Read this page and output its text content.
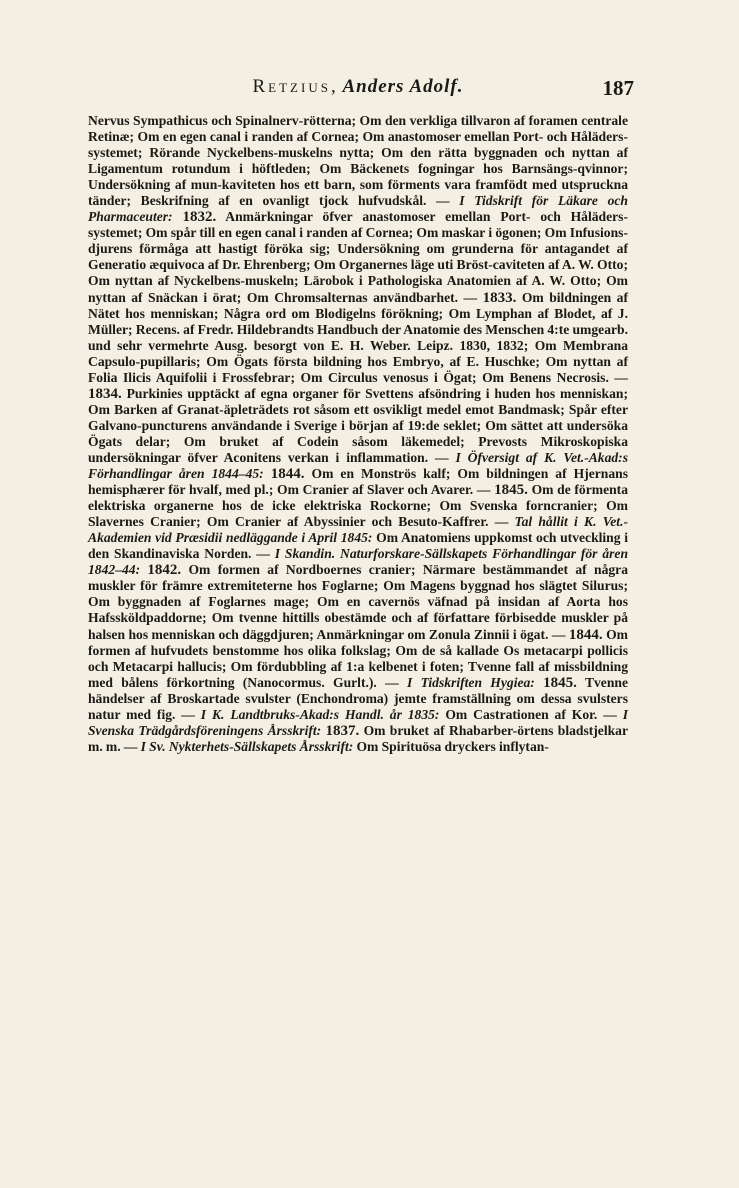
Retzius, Anders Adolf.	187

Nervus Sympathicus och Spinalnerv-rötterna; Om den verkliga tillvaron af foramen centrale Retinæ; Om en egen canal i randen af Cornea; Om anastomoser emellan Port- och Håläders-systemet; Rörande Nyckelbens-muskelns nytta; Om den rätta byggnaden och nyttan af Ligamentum rotundum i höftleden; Om Bäckenets fogningar hos Barnsängs-qvinnor; Undersökning af mun-kaviteten hos ett barn, som förments vara framfödt med utspruckna tänder; Beskrifning af en ovanligt tjock hufvudskål. — I Tidskrift för Läkare och Pharmaceuter: 1832. Anmärkningar öfver anastomoser emellan Port- och Håläders-systemet; Om spår till en egen canal i randen af Cornea; Om maskar i ögonen; Om Infusions-djurens förmåga att hastigt föröka sig; Undersökning om grunderna för antagandet af Generatio æquivoca af Dr. Ehrenberg; Om Organernes läge uti Bröst-caviteten af A. W. Otto; Om nyttan af Nyckelbens-muskeln; Lärobok i Pathologiska Anatomien af A. W. Otto; Om nyttan af Snäckan i örat; Om Chromsalternas användbarhet. — 1833. Om bildningen af Nätet hos menniskan; Några ord om Blodigelns förökning; Om Lymphan af Blodet, af J. Müller; Recens. af Fredr. Hildebrandts Handbuch der Anatomie des Menschen 4:te umgearb. und sehr vermehrte Ausg. besorgt von E. H. Weber. Leipz. 1830, 1832; Om Membrana Capsulo-pupillaris; Om Ögats första bildning hos Embryo, af E. Huschke; Om nyttan af Folia Ilicis Aquifolii i Frossfebrar; Om Circulus venosus i Ögat; Om Benens Necrosis. — 1834. Purkinies upptäckt af egna organer för Svettens afsöndring i huden hos menniskan; Om Barken af Granat-äpleträdets rot såsom ett osvikligt medel emot Bandmask; Spår efter Galvano-puncturens användande i Sverige i början af 19:de seklet; Om sättet att undersöka Ögats delar; Om bruket af Codein såsom läkemedel; Prevosts Mikroskopiska undersökningar öfver Aconitens verkan i inflammation. — I Öfversigt af K. Vet.-Akad:s Förhandlingar åren 1844–45: 1844. Om en Monströs kalf; Om bildningen af Hjernans hemisphærer för hvalf, med pl.; Om Cranier af Slaver och Avarer. — 1845. Om de förmenta elektriska organerne hos de icke elektriska Rockorne; Om Svenska forncranier; Om Slavernes Cranier; Om Cranier af Abyssinier och Besuto-Kaffrer. — Tal hållit i K. Vet.-Akademien vid Præsidii nedläggande i April 1845: Om Anatomiens uppkomst och utveckling i den Skandinaviska Norden. — I Skandin. Naturforskare-Sällskapets Förhandlingar för åren 1842–44: 1842. Om formen af Nordboernes cranier; Närmare bestämmandet af några muskler för främre extremiteterne hos Foglarne; Om Magens byggnad hos slägtet Silurus; Om byggnaden af Foglarnes mage; Om en cavernös väfnad på insidan af Aorta hos Hafssköldpaddorne; Om tvenne hittills obestämde och af författare förbisedde muskler på halsen hos menniskan och däggdjuren; Anmärkningar om Zonula Zinnii i ögat. — 1844. Om formen af hufvudets benstomme hos olika folkslag; Om de så kallade Os metacarpi pollicis och Metacarpi hallucis; Om fördubbling af 1:a kelbenet i foten; Tvenne fall af missbildning med bålens förkortning (Nanocormus. Gurlt.). — I Tidskriften Hygiea: 1845. Tvenne händelser af Broskartade svulster (Enchondroma) jemte framställning om dessa svulsters natur med fig. — I K. Landtbruks-Akad:s Handl. år 1835: Om Castrationen af Kor. — I Svenska Trädgårdsföreningens Årsskrift: 1837. Om bruket af Rhabarber-örtens bladstjelkar m. m. — I Sv. Nykterhets-Sällskapets Årsskrift: Om Spirituösa dryckers inflytan-
